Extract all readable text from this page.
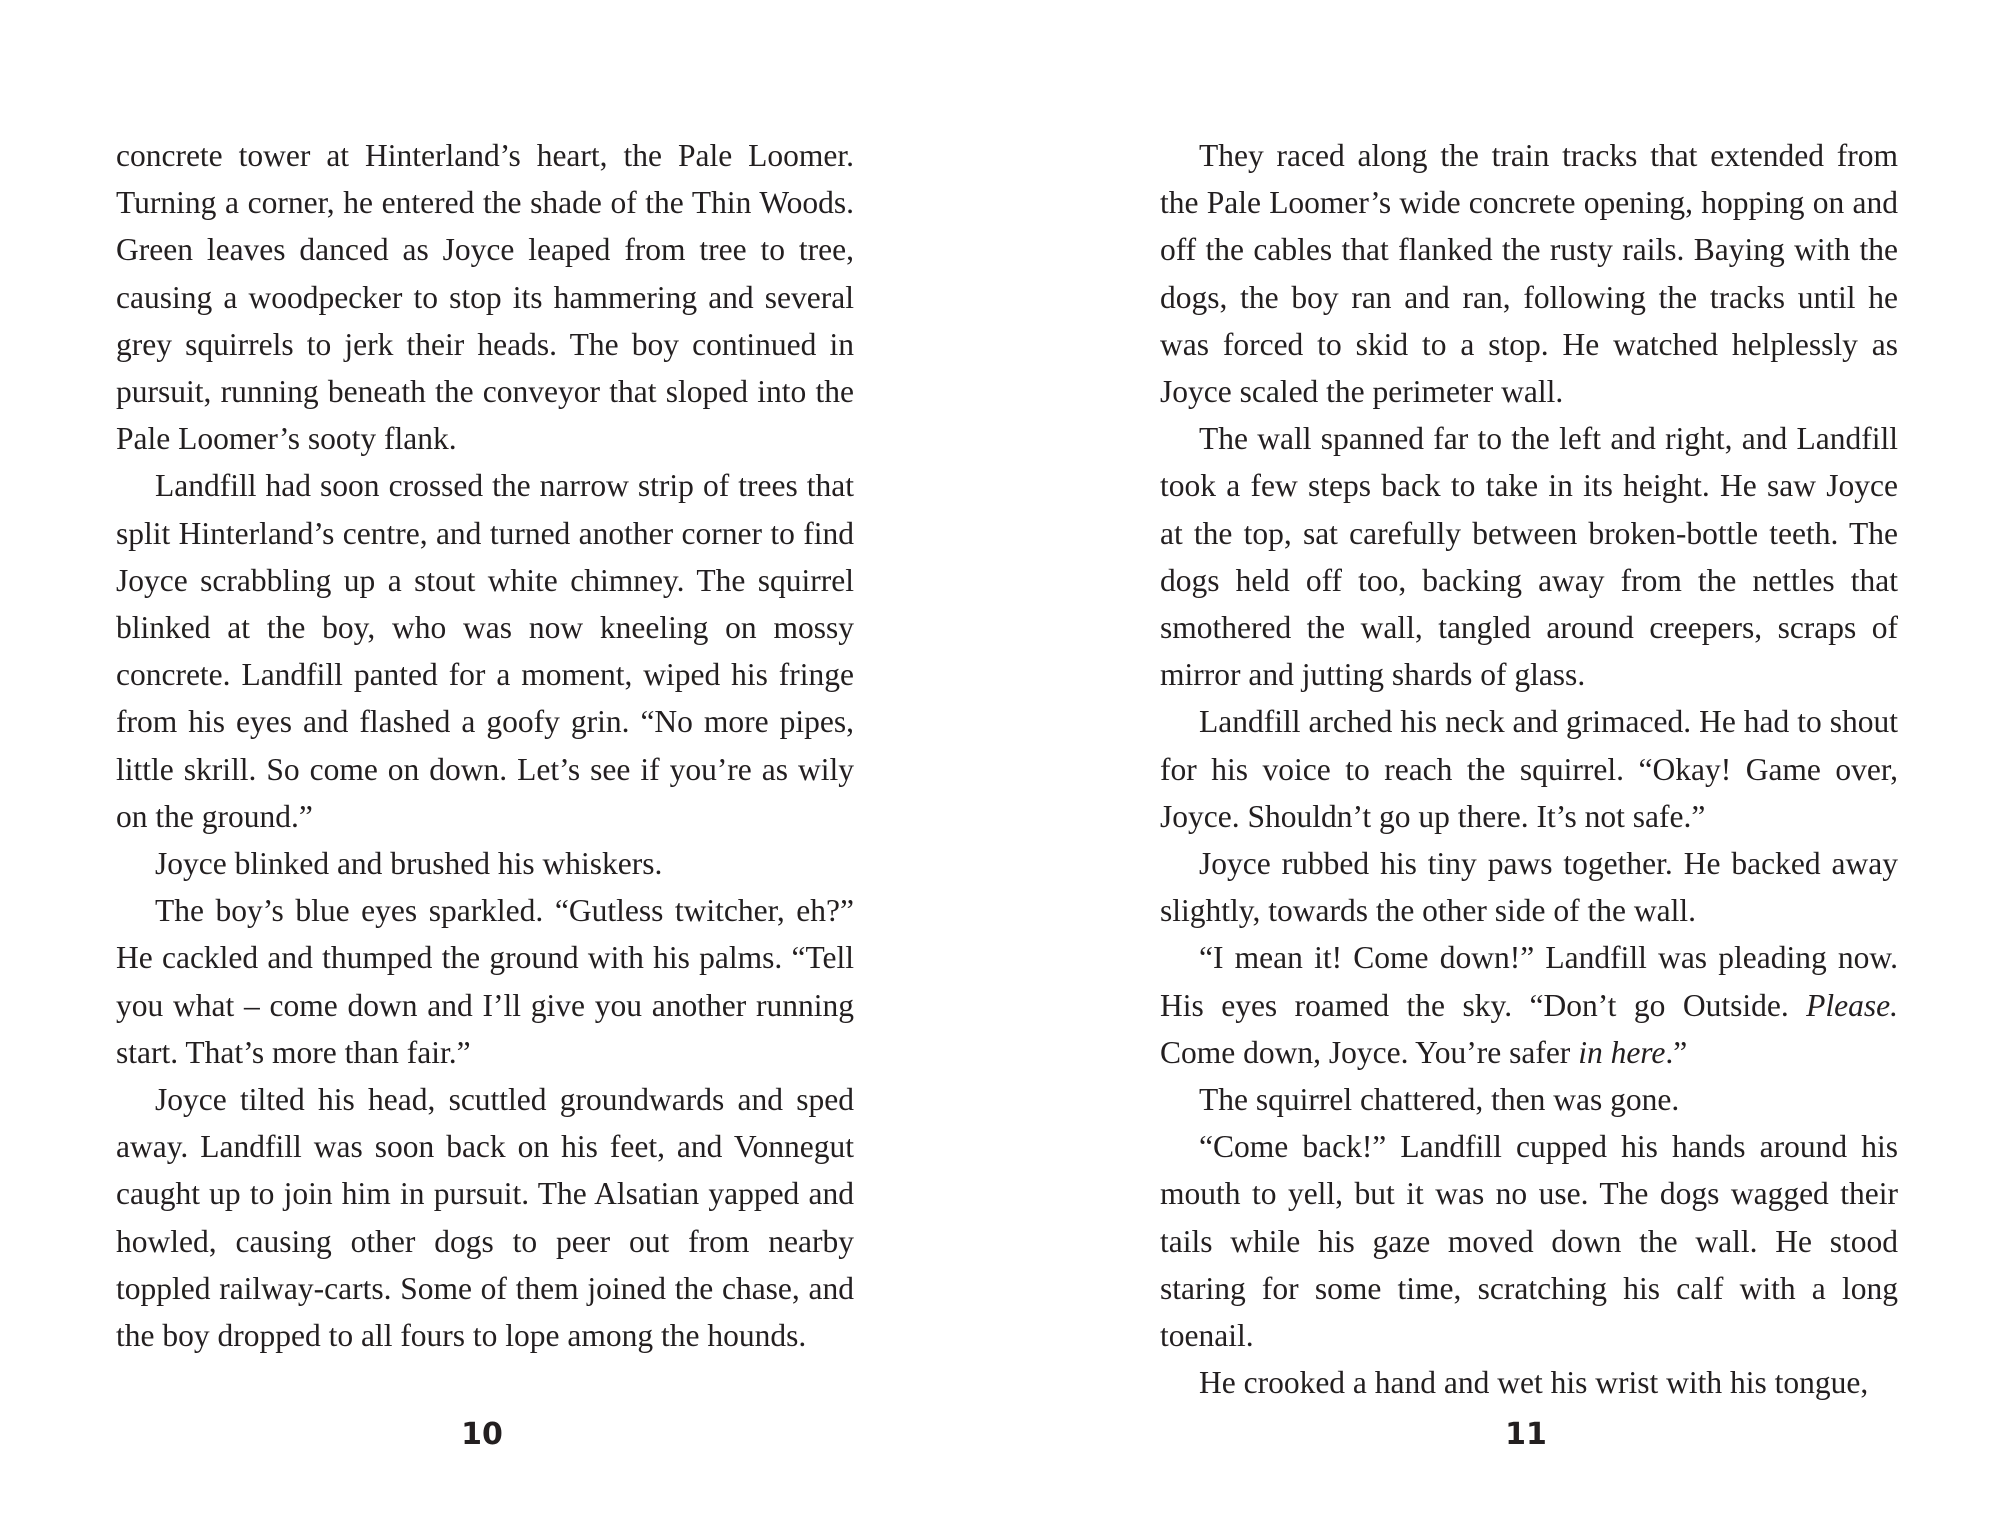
concrete tower at Hinterland’s heart, the Pale Loomer. Turning a corner, he entered the shade of the Thin Woods. Green leaves danced as Joyce leaped from tree to tree, causing a woodpecker to stop its hammering and several grey squirrels to jerk their heads. The boy continued in pursuit, running beneath the conveyor that sloped into the Pale Loomer’s sooty flank.

Landfill had soon crossed the narrow strip of trees that split Hinterland’s centre, and turned another corner to find Joyce scrabbling up a stout white chimney. The squirrel blinked at the boy, who was now kneeling on mossy concrete. Landfill panted for a moment, wiped his fringe from his eyes and flashed a goofy grin. “No more pipes, little skrill. So come on down. Let’s see if you’re as wily on the ground.”

Joyce blinked and brushed his whiskers.

The boy’s blue eyes sparkled. “Gutless twitcher, eh?” He cackled and thumped the ground with his palms. “Tell you what – come down and I’ll give you another running start. That’s more than fair.”

Joyce tilted his head, scuttled groundwards and sped away. Landfill was soon back on his feet, and Vonnegut caught up to join him in pursuit. The Alsatian yapped and howled, causing other dogs to peer out from nearby toppled railway-carts. Some of them joined the chase, and the boy dropped to all fours to lope among the hounds.

They raced along the train tracks that extended from the Pale Loomer’s wide concrete opening, hopping on and off the cables that flanked the rusty rails. Baying with the dogs, the boy ran and ran, following the tracks until he was forced to skid to a stop. He watched helplessly as Joyce scaled the perimeter wall.

The wall spanned far to the left and right, and Landfill took a few steps back to take in its height. He saw Joyce at the top, sat carefully between broken-bottle teeth. The dogs held off too, backing away from the nettles that smothered the wall, tangled around creepers, scraps of mirror and jutting shards of glass.

Landfill arched his neck and grimaced. He had to shout for his voice to reach the squirrel. “Okay! Game over, Joyce. Shouldn’t go up there. It’s not safe.”

Joyce rubbed his tiny paws together. He backed away slightly, towards the other side of the wall.

“I mean it! Come down!” Landfill was pleading now. His eyes roamed the sky. “Don’t go Outside. Please. Come down, Joyce. You’re safer in here.”

The squirrel chattered, then was gone.

“Come back!” Landfill cupped his hands around his mouth to yell, but it was no use. The dogs wagged their tails while his gaze moved down the wall. He stood staring for some time, scratching his calf with a long toenail.

He crooked a hand and wet his wrist with his tongue,

10	11
